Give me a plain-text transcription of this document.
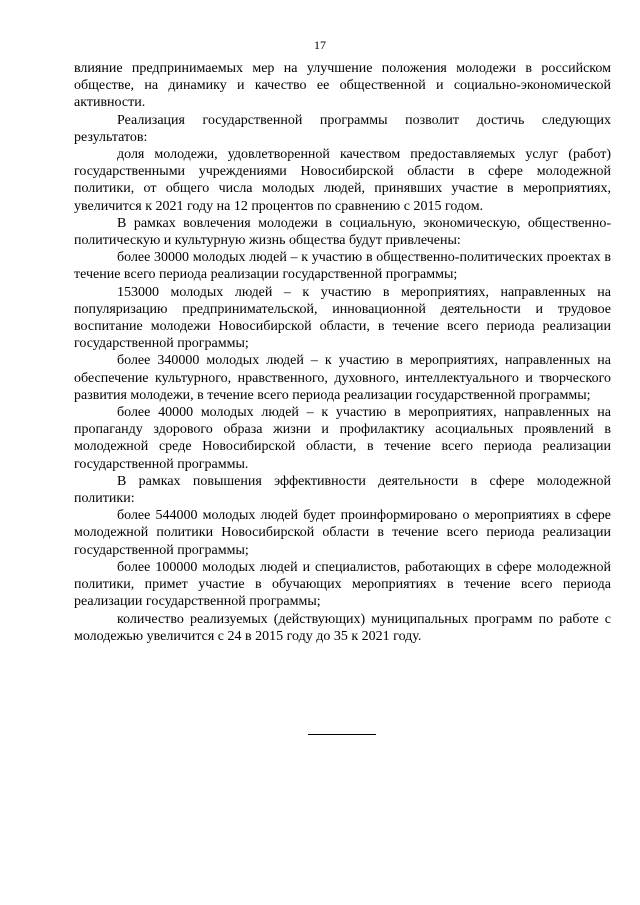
17

влияние предпринимаемых мер на улучшение положения молодежи в российском обществе, на динамику и качество ее общественной и социально-экономической активности.

Реализация государственной программы позволит достичь следующих результатов:

доля молодежи, удовлетворенной качеством предоставляемых услуг (работ) государственными учреждениями Новосибирской области в сфере молодежной политики, от общего числа молодых людей, принявших участие в мероприятиях, увеличится к 2021 году на 12 процентов по сравнению с 2015 годом.

В рамках вовлечения молодежи в социальную, экономическую, общественно-политическую и культурную жизнь общества будут привлечены:

более 30000 молодых людей – к участию в общественно-политических проектах в течение всего периода реализации государственной программы;

153000 молодых людей – к участию в мероприятиях, направленных на популяризацию предпринимательской, инновационной деятельности и трудовое воспитание молодежи Новосибирской области, в течение всего периода реализации государственной программы;

более 340000 молодых людей – к участию в мероприятиях, направленных на обеспечение культурного, нравственного, духовного, интеллектуального и творческого развития молодежи, в течение всего периода реализации государственной программы;

более 40000 молодых людей – к участию в мероприятиях, направленных на пропаганду здорового образа жизни и профилактику асоциальных проявлений в молодежной среде Новосибирской области, в течение всего периода реализации государственной программы.

В рамках повышения эффективности деятельности в сфере молодежной политики:

более 544000 молодых людей будет проинформировано о мероприятиях в сфере молодежной политики Новосибирской области в течение всего периода реализации государственной программы;

более 100000 молодых людей и специалистов, работающих в сфере молодежной политики, примет участие в обучающих мероприятиях в течение всего периода реализации государственной программы;

количество реализуемых (действующих) муниципальных программ по работе с молодежью увеличится с 24 в 2015 году до 35 к 2021 году.
